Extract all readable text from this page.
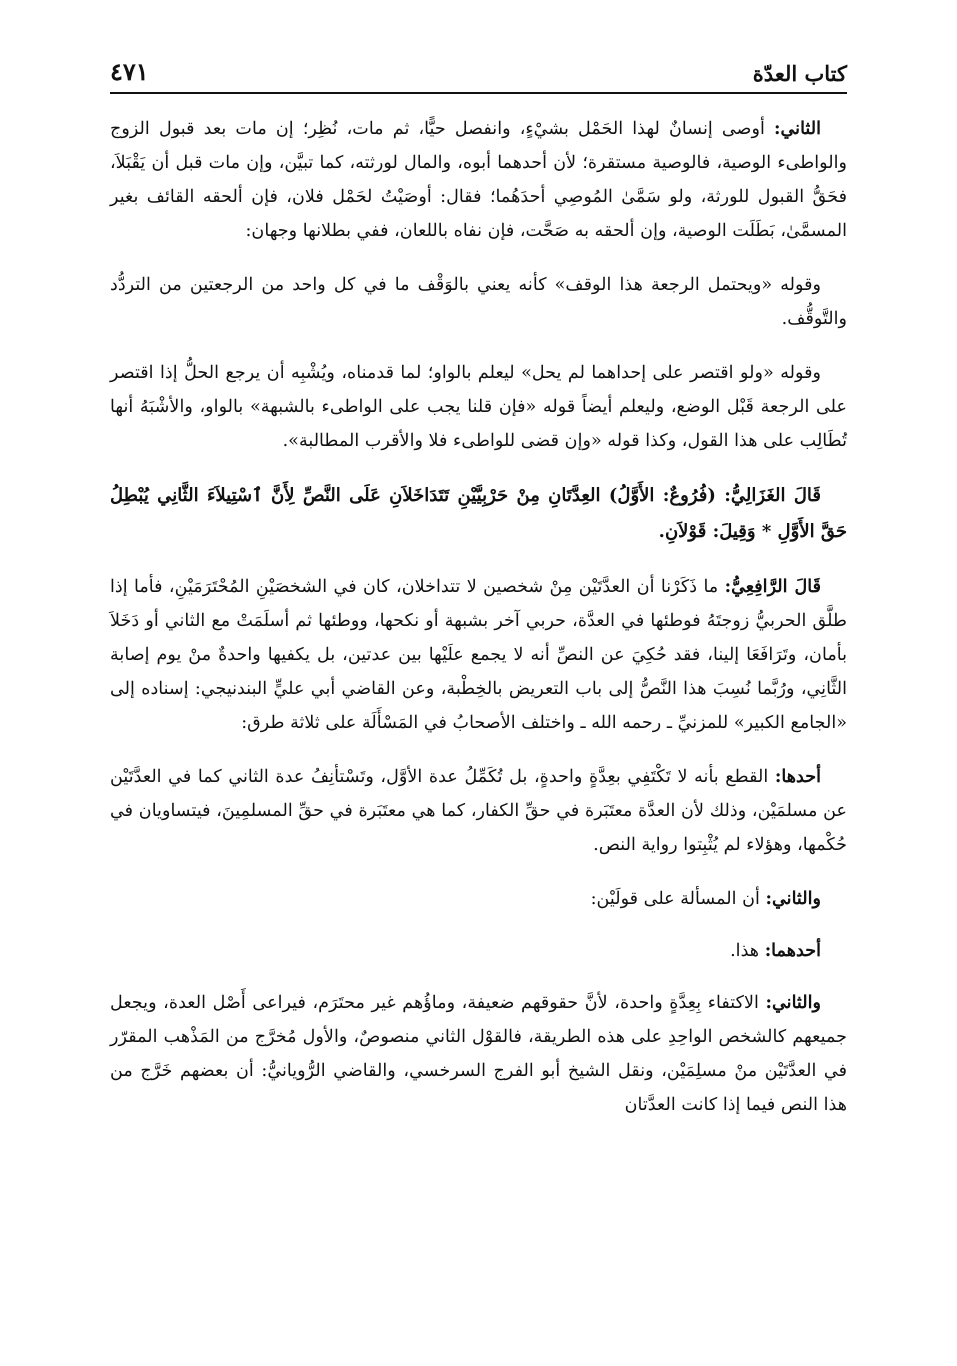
كتاب العدّة
٤٧١

الثاني: أوصى إنسانٌ لهذا الحَمْل بشيْءٍ، وانفصل حيًّا، ثم مات، نُظِر؛ إن مات بعد قبول الزوج والواطىء الوصية، فالوصية مستقرة؛ لأن أحدهما أبوه، والمال لورثته، كما تبيَّن، وإن مات قبل أن يَقْبَلاَ، فحَقُّ القبول للورثة، ولو سَمَّىٰ المُوصِي أحدَهُما؛ فقال: أوصَيْتُ لحَمْل فلان، فإن ألحقه القائف بغير المسمَّىٰ، بَطَلَت الوصية، وإن ألحقه به صَحَّت، فإن نفاه باللعان، ففي بطلانها وجهان:

وقوله «ويحتمل الرجعة هذا الوقف» كأنه يعني بالوَقْف ما في كل واحد من الرجعتين من التردُّد والتَّوقُّف.

وقوله «ولو اقتصر على إحداهما لم يحل» ليعلم بالواو؛ لما قدمناه، ويُشْبِه أن يرجع الحلُّ إذا اقتصر على الرجعة قَبْل الوضع، وليعلم أيضاً قوله «فإن قلنا يجب على الواطىء بالشبهة» بالواو، والأشْبَهُ أنها تُطَالِب على هذا القول، وكذا قوله «وإن قضى للواطىء فلا والأقرب المطالبة».

قَالَ الغَزَالِيُّ: (فُرُوعٌ: الأَوَّلُ) العِدَّتَانِ مِنْ حَرْبِيَّيْنِ تَتَدَاخَلاَنِ عَلَى النَّصِّ لِأَنَّ ٱسْتِيلاَءَ الثَّانِي يُبْطِلُ حَقَّ الأَوَّلِ * وَقِيلَ: قَوْلاَنِ.

قَالَ الرَّافِعِيُّ: ما ذَكَرْنا أن العدَّتَيْن مِنْ شخصين لا تتداخلان، كان في الشخصَيْنِ المُحْتَرَمَيْنِ، فأما إذا طلَّق الحربيُّ زوجتَهُ فوطئها في العدَّة، حربي آخر بشبهة أو نكحها، ووطئها ثم أسلَمَتْ مع الثاني أو دَخَلاَ بأمان، وتَرَافَعَا إلينا، فقد حُكِيَ عن النصِّ أنه لا يجمع علَيْها بين عدتين، بل يكفيها واحدةٌ منْ يوم إصابة الثَّانِي، ورُبَّما نُسِبَ هذا النَّصُّ إلى باب التعريض بالخِطْبة، وعن القاضي أبي عليٍّ البندنيجي: إسناده إلى «الجامع الكبير» للمزنيِّ ـ رحمه الله ـ واختلف الأصحابُ في المَسْأَلَة على ثلاثة طرق:

أحدها: القطع بأنه لا تَكْتَفِي بعِدَّةٍ واحدةٍ، بل تُكَمِّلُ عدة الأوَّل، وتَسْتأنِفُ عدة الثاني كما في العدَّتَيْن عن مسلمَيْن، وذلك لأن العدَّة معتَبَرة في حقِّ الكفار، كما هي معتَبَرة في حقِّ المسلمِينَ، فيتساويان في حُكْمها، وهؤلاء لم يُثْبِتوا رواية النص.

والثاني: أن المسألة على قولَيْن:

أحدهما: هذا.

والثاني: الاكتفاء بِعِدَّةٍ واحدة، لأنَّ حقوقهم ضعيفة، وماؤُهم غير محتَرَم، فيراعى أَصْل العدة، ويجعل جميعهم كالشخص الواحِدِ على هذه الطريقة، فالقوْل الثاني منصوصٌ، والأول مُخرَّج من المَذْهب المقرّر في العدَّتَيْن منْ مسلِمَيْن، ونقل الشيخ أبو الفرج السرخسي، والقاضي الرُّويانيُّ: أن بعضهم خَرَّج من هذا النص فيما إذا كانت العدَّتان
